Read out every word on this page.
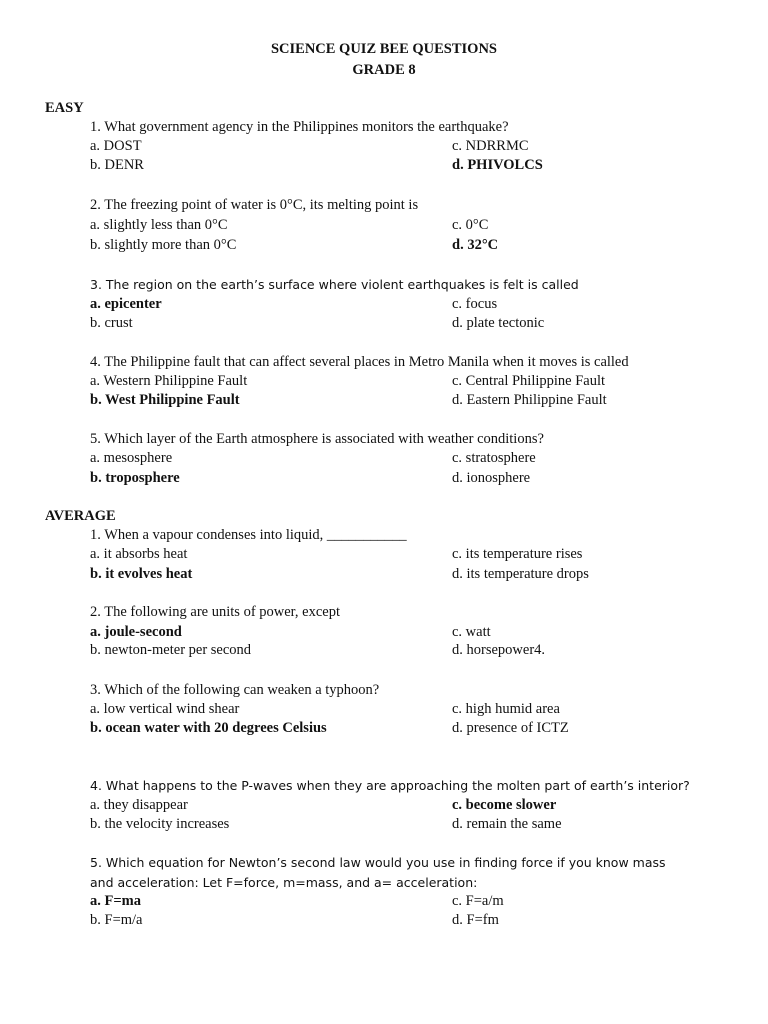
SCIENCE QUIZ BEE QUESTIONS
GRADE 8
EASY
1. What government agency in the Philippines monitors the earthquake?
a. DOST	c. NDRRMC
b. DENR	d. PHIVOLCS
2. The freezing point of water is 0°C, its melting point is
a. slightly less than 0°C	c. 0°C
b. slightly more than 0°C	d. 32°C
3. The region on the earth’s surface where violent earthquakes is felt is called
a. epicenter	c. focus
b. crust	d. plate tectonic
4. The Philippine fault that can affect several places in Metro Manila when it moves is called
a. Western Philippine Fault	c. Central Philippine Fault
b. West Philippine Fault	d. Eastern Philippine Fault
5. Which layer of the Earth atmosphere is associated with weather conditions?
a. mesosphere	c. stratosphere
b. troposphere	d. ionosphere
AVERAGE
1. When a vapour condenses into liquid, ___________
a. it absorbs heat	c. its temperature rises
b. it evolves heat	d. its temperature drops
2. The following are units of power, except
a. joule-second	c. watt
b. newton-meter per second	d. horsepower4.
3. Which of the following can weaken a typhoon?
a. low vertical wind shear	c. high humid area
b. ocean water with 20 degrees Celsius	d. presence of ICTZ
4. What happens to the P-waves when they are approaching the molten part of earth’s interior?
a. they disappear	c. become slower
b. the velocity increases	d. remain the same
5. Which equation for Newton’s second law would you use in finding force if you know mass and acceleration: Let F=force, m=mass, and a= acceleration:
a. F=ma	c. F=a/m
b. F=m/a	d. F=fm
